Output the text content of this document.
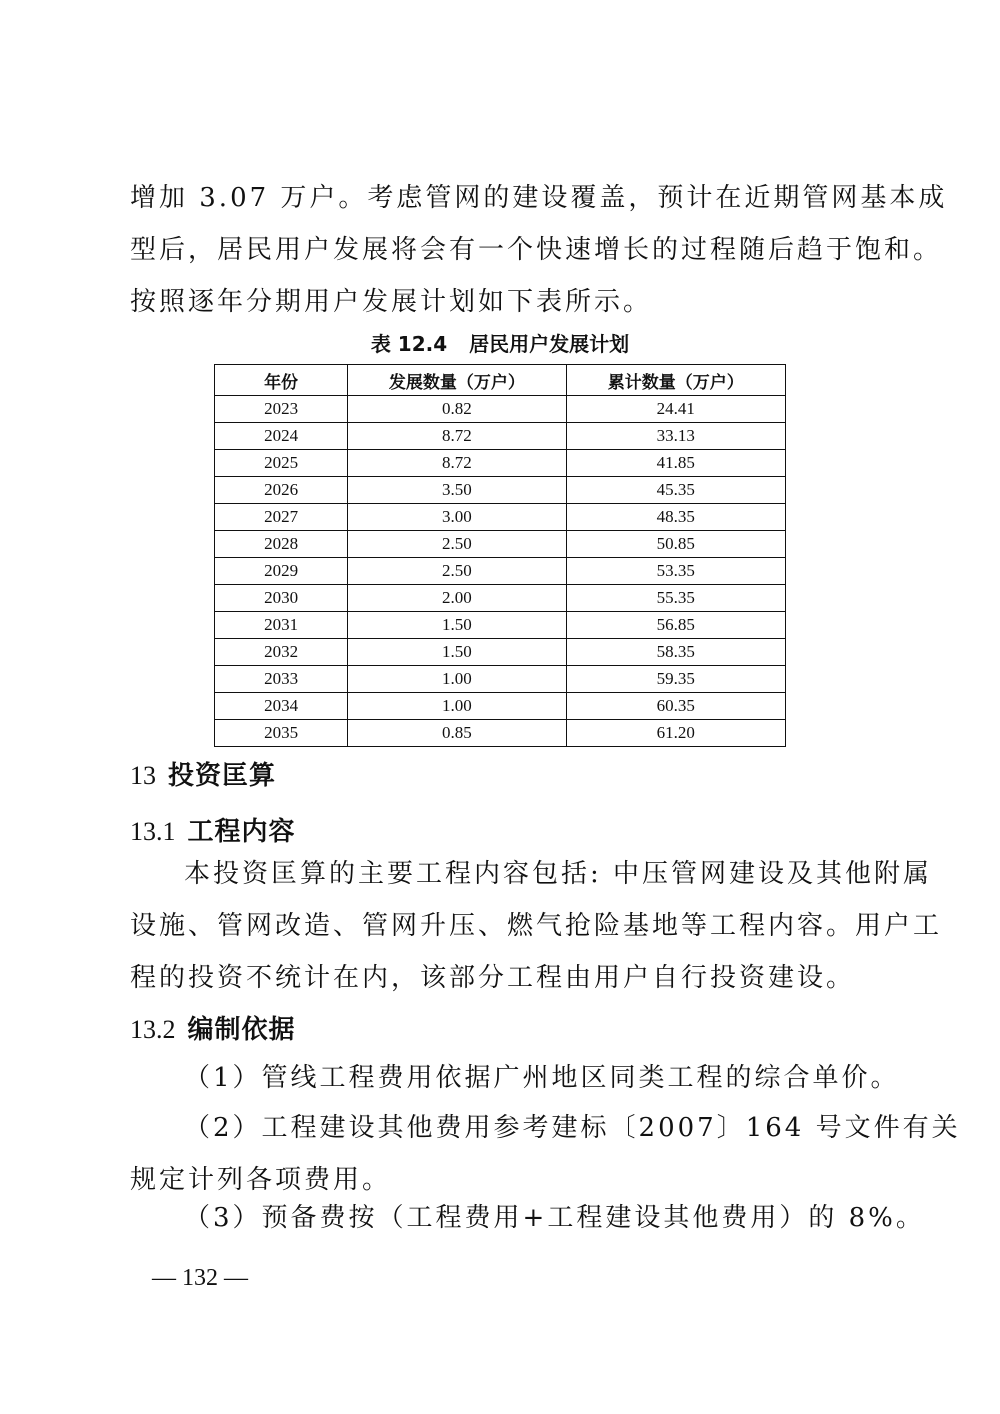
增加 3.07 万户。考虑管网的建设覆盖，预计在近期管网基本成
型后，居民用户发展将会有一个快速增长的过程随后趋于饱和。
按照逐年分期用户发展计划如下表所示。
表 12.4 居民用户发展计划
年份	发展数量（万户）	累计数量（万户）
2023	0.82	24.41
2024	8.72	33.13
2025	8.72	41.85
2026	3.50	45.35
2027	3.00	48.35
2028	2.50	50.85
2029	2.50	53.35
2030	2.00	55.35
2031	1.50	56.85
2032	1.50	58.35
2033	1.00	59.35
2034	1.00	60.35
2035	0.85	61.20
13 投资匡算
13.1 工程内容
本投资匡算的主要工程内容包括: 中压管网建设及其他附属
设施、管网改造、管网升压、燃气抢险基地等工程内容。用户工
程的投资不统计在内，该部分工程由用户自行投资建设。
13.2 编制依据
（1）管线工程费用依据广州地区同类工程的综合单价。
（2）工程建设其他费用参考建标〔2007〕164 号文件有关
规定计列各项费用。
（3）预备费按（工程费用+工程建设其他费用）的 8%。
— 132 —
